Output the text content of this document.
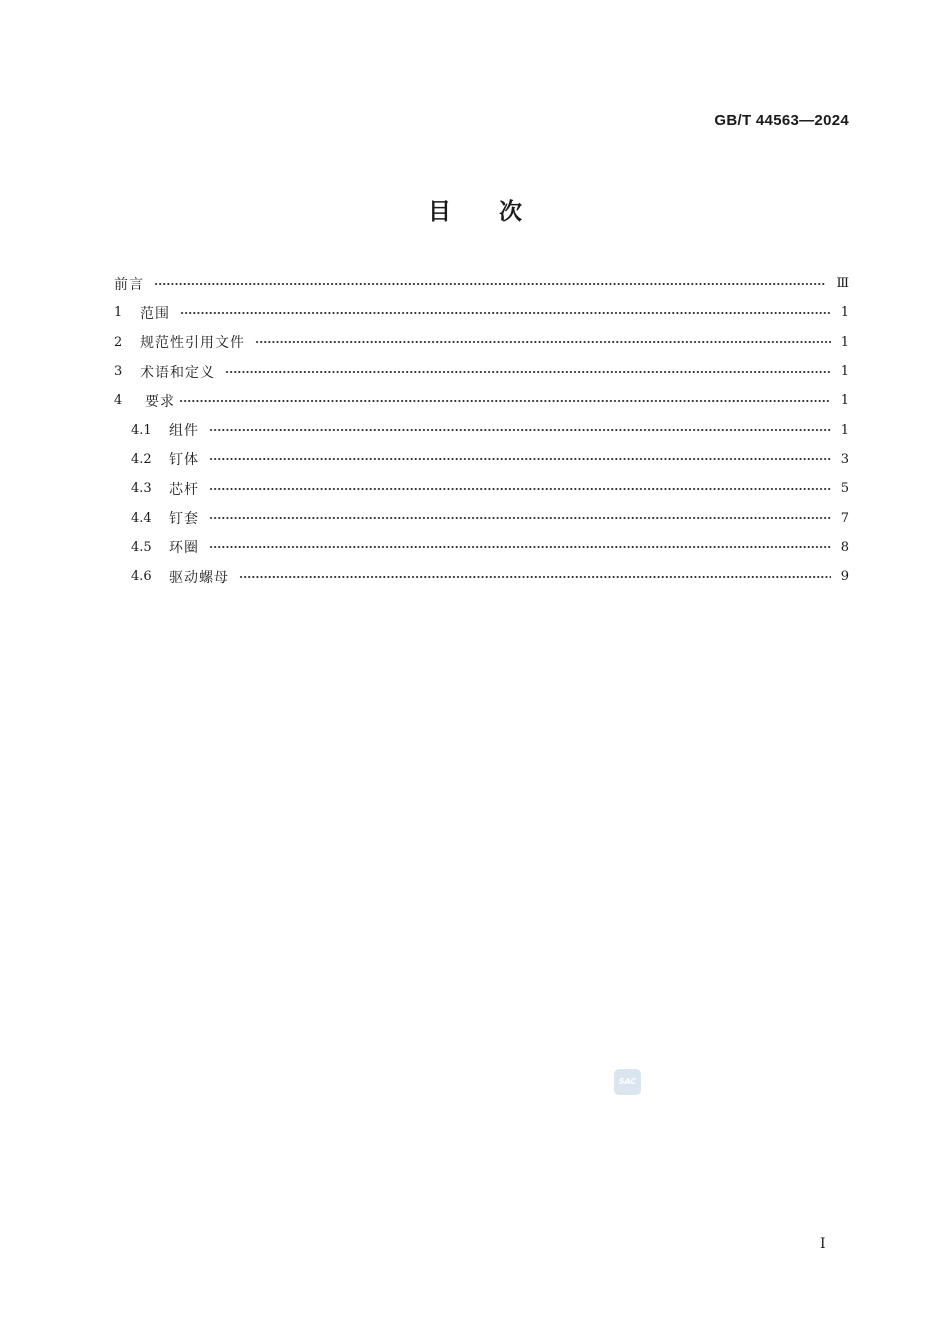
GB/T 44563—2024
目 次
前言	Ⅲ
1	范围	1
2	规范性引用文件	1
3	术语和定义	1
4	要求	1
4.1	组件	1
4.2	钉体	3
4.3	芯杆	5
4.4	钉套	7
4.5	环圈	8
4.6	驱动螺母	9
SAC
I
